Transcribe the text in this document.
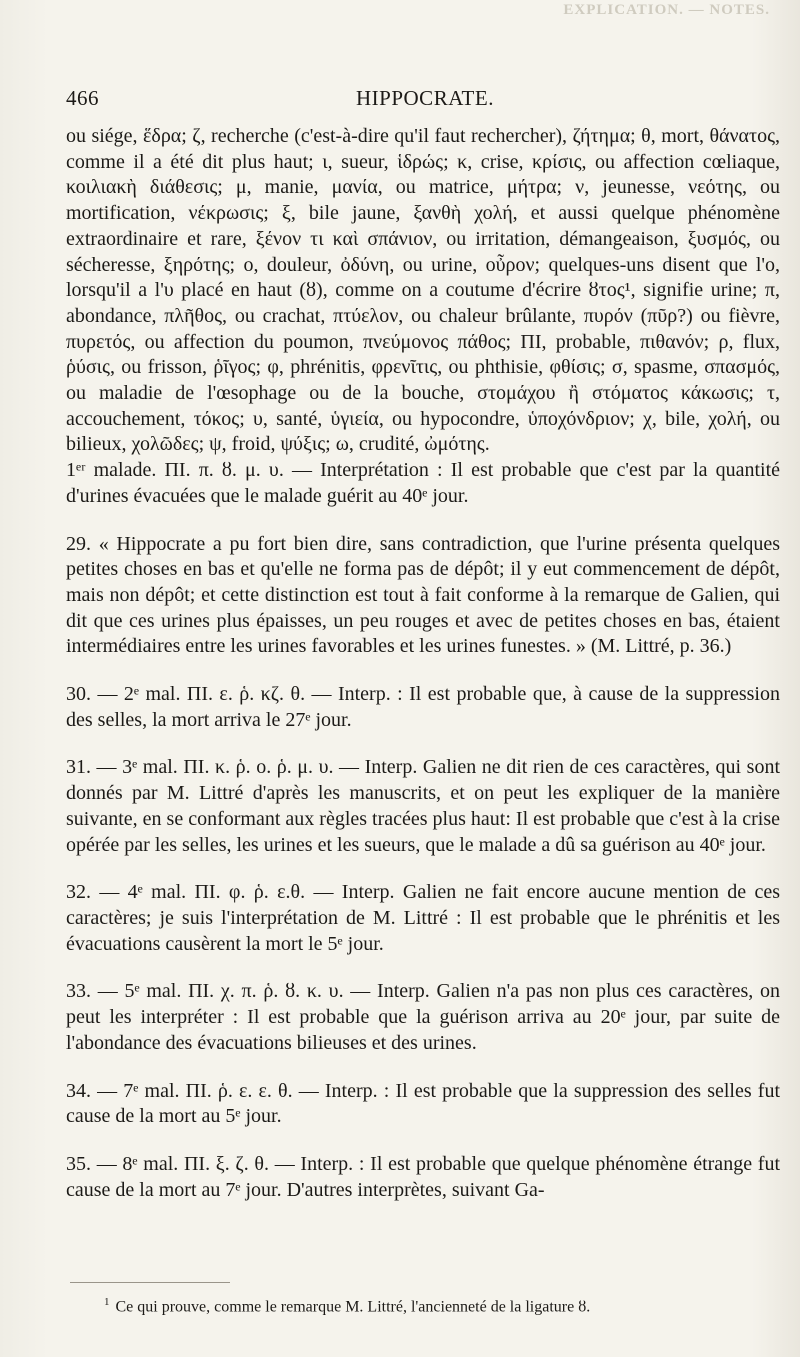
EXPLICATION. — NOTES.
466	HIPPOCRATE.

ou siége, ἕδρα; ζ, recherche (c'est-à-dire qu'il faut rechercher), ζήτημα; θ, mort, θάνατος, comme il a été dit plus haut; ι, sueur, ἱδρώς; κ, crise, κρίσις, ou affection cœliaque, κοιλιακὴ διάθεσις; μ, manie, μανία, ou matrice, μήτρα; ν, jeunesse, νεότης, ou mortification, νέκρωσις; ξ, bile jaune, ξανθὴ χολή, et aussi quelque phénomène extraordinaire et rare, ξένον τι καὶ σπάνιον, ou irritation, démangeaison, ξυσμός, ou sécheresse, ξηρότης; ο, douleur, ὀδύνη, ou urine, οὖρον; quelques-uns disent que l'ο, lorsqu'il a l'υ placé en haut (ȣ), comme on a coutume d'écrire ȣτος¹, signifie urine; π, abondance, πλῆθος, ou crachat, πτύελον, ou chaleur brûlante, πυρόν (πῦρ?) ou fièvre, πυρετός, ou affection du poumon, πνεύμονος πάθος; ΠΙ, probable, πιθανόν; ρ, flux, ῥύσις, ou frisson, ῥῖγος; φ, phrénitis, φρενῖτις, ou phthisie, φθίσις; σ, spasme, σπασμός, ou maladie de l'œsophage ou de la bouche, στομάχου ἢ στόματος κάκωσις; τ, accouchement, τόκος; υ, santé, ὑγιεία, ou hypocondre, ὑποχόνδριον; χ, bile, χολή, ou bilieux, χολῶδες; ψ, froid, ψύξις; ω, crudité, ὠμότης.

1ᵉʳ malade. ΠΙ. π. ȣ. μ. υ. — Interprétation : Il est probable que c'est par la quantité d'urines évacuées que le malade guérit au 40ᵉ jour.

29. « Hippocrate a pu fort bien dire, sans contradiction, que l'urine présenta quelques petites choses en bas et qu'elle ne forma pas de dépôt; il y eut commencement de dépôt, mais non dépôt; et cette distinction est tout à fait conforme à la remarque de Galien, qui dit que ces urines plus épaisses, un peu rouges et avec de petites choses en bas, étaient intermédiaires entre les urines favorables et les urines funestes. » (M. Littré, p. 36.)

30. — 2ᵉ mal. ΠΙ. ε. ῥ. κζ. θ. — Interp. : Il est probable que, à cause de la suppression des selles, la mort arriva le 27ᵉ jour.

31. — 3ᵉ mal. ΠΙ. κ. ῥ. ο. ῥ. μ. υ. — Interp. Galien ne dit rien de ces caractères, qui sont donnés par M. Littré d'après les manuscrits, et on peut les expliquer de la manière suivante, en se conformant aux règles tracées plus haut: Il est probable que c'est à la crise opérée par les selles, les urines et les sueurs, que le malade a dû sa guérison au 40ᵉ jour.

32. — 4ᵉ mal. ΠΙ. φ. ῥ. ε.θ. — Interp. Galien ne fait encore aucune mention de ces caractères; je suis l'interprétation de M. Littré : Il est probable que le phrénitis et les évacuations causèrent la mort le 5ᵉ jour.

33. — 5ᵉ mal. ΠΙ. χ. π. ῥ. ȣ. κ. υ. — Interp. Galien n'a pas non plus ces caractères, on peut les interpréter : Il est probable que la guérison arriva au 20ᵉ jour, par suite de l'abondance des évacuations bilieuses et des urines.

34. — 7ᵉ mal. ΠΙ. ῥ. ε. ε. θ. — Interp. : Il est probable que la suppression des selles fut cause de la mort au 5ᵉ jour.

35. — 8ᵉ mal. ΠΙ. ξ. ζ. θ. — Interp. : Il est probable que quelque phénomène étrange fut cause de la mort au 7ᵉ jour. D'autres interprètes, suivant Ga-

$^1$ Ce qui prouve, comme le remarque M. Littré, l'ancienneté de la ligature ȣ.
